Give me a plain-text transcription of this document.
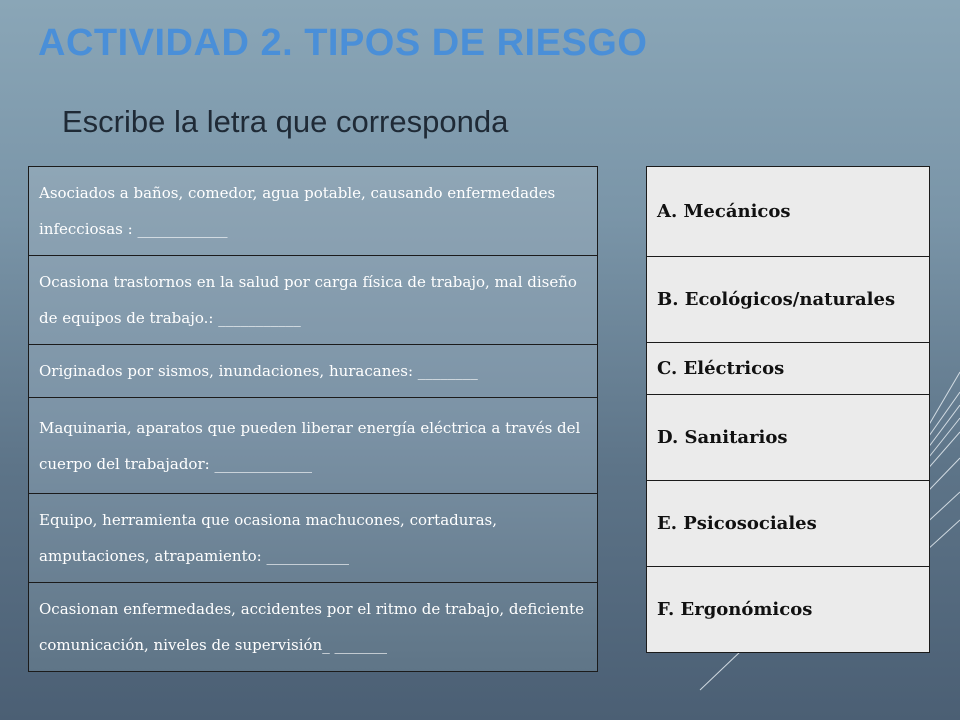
ACTIVIDAD 2. TIPOS DE RIESGO
Escribe la letra que corresponda
Asociados a baños, comedor, agua potable, causando enfermedades infecciosas : ____________
Ocasiona trastornos en la salud por carga física de trabajo, mal diseño de equipos de trabajo.: ___________
Originados por sismos, inundaciones, huracanes: ________
Maquinaria, aparatos que pueden liberar energía eléctrica a través del cuerpo del trabajador: _____________
Equipo, herramienta que ocasiona machucones, cortaduras, amputaciones, atrapamiento: ___________
Ocasionan enfermedades, accidentes por el ritmo de trabajo, deficiente comunicación, niveles de supervisión_ _______
A. Mecánicos
B. Ecológicos/naturales
C. Eléctricos
D. Sanitarios
E. Psicosociales
F. Ergonómicos
